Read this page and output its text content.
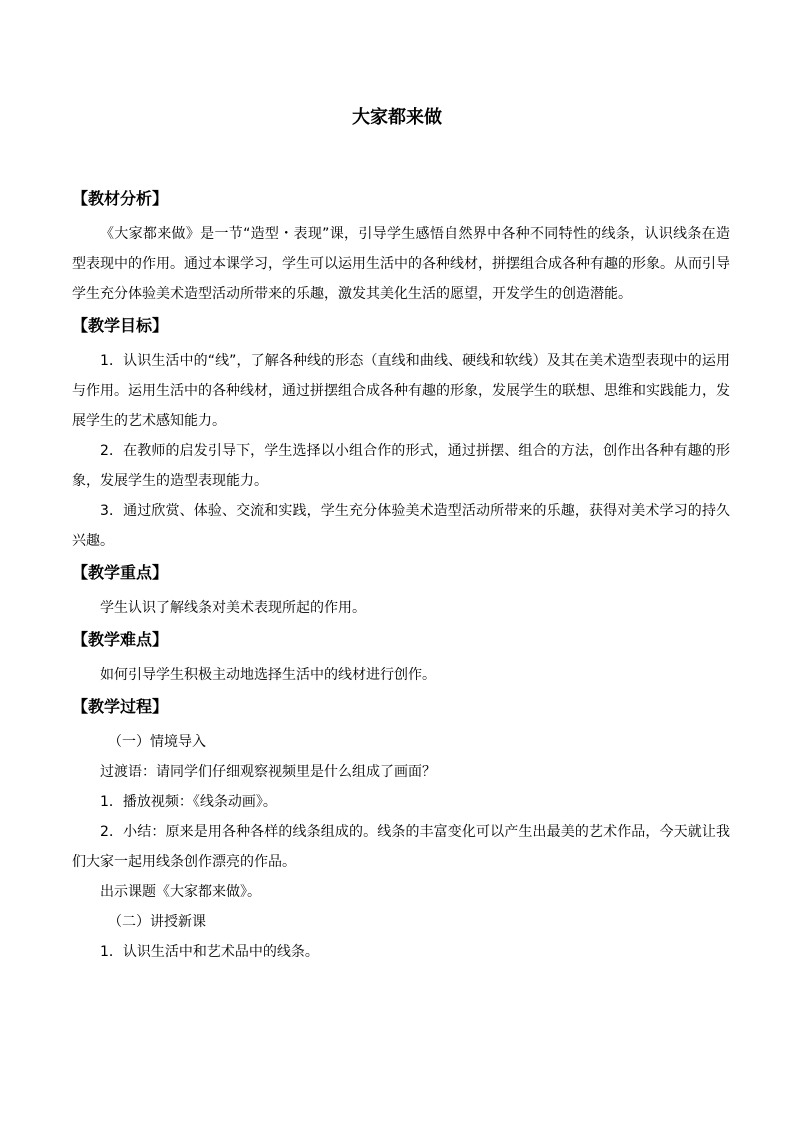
大家都来做
【教材分析】

《大家都来做》是一节“造型・表现”课，引导学生感悟自然界中各种不同特性的线条，认识线条在造型表现中的作用。通过本课学习，学生可以运用生活中的各种线材，拼摆组合成各种有趣的形象。从而引导学生充分体验美术造型活动所带来的乐趣，激发其美化生活的愿望，开发学生的创造潜能。

【教学目标】

1．认识生活中的“线”，了解各种线的形态（直线和曲线、硬线和软线）及其在美术造型表现中的运用与作用。运用生活中的各种线材，通过拼摆组合成各种有趣的形象，发展学生的联想、思维和实践能力，发展学生的艺术感知能力。

2．在教师的启发引导下，学生选择以小组合作的形式，通过拼摆、组合的方法，创作出各种有趣的形象，发展学生的造型表现能力。

3．通过欣赏、体验、交流和实践，学生充分体验美术造型活动所带来的乐趣，获得对美术学习的持久兴趣。

【教学重点】

学生认识了解线条对美术表现所起的作用。

【教学难点】

如何引导学生积极主动地选择生活中的线材进行创作。

【教学过程】

（一）情境导入

过渡语：请同学们仔细观察视频里是什么组成了画面？

1．播放视频：《线条动画》。

2．小结：原来是用各种各样的线条组成的。线条的丰富变化可以产生出最美的艺术作品，今天就让我们大家一起用线条创作漂亮的作品。

出示课题《大家都来做》。

（二）讲授新课

1．认识生活中和艺术品中的线条。
